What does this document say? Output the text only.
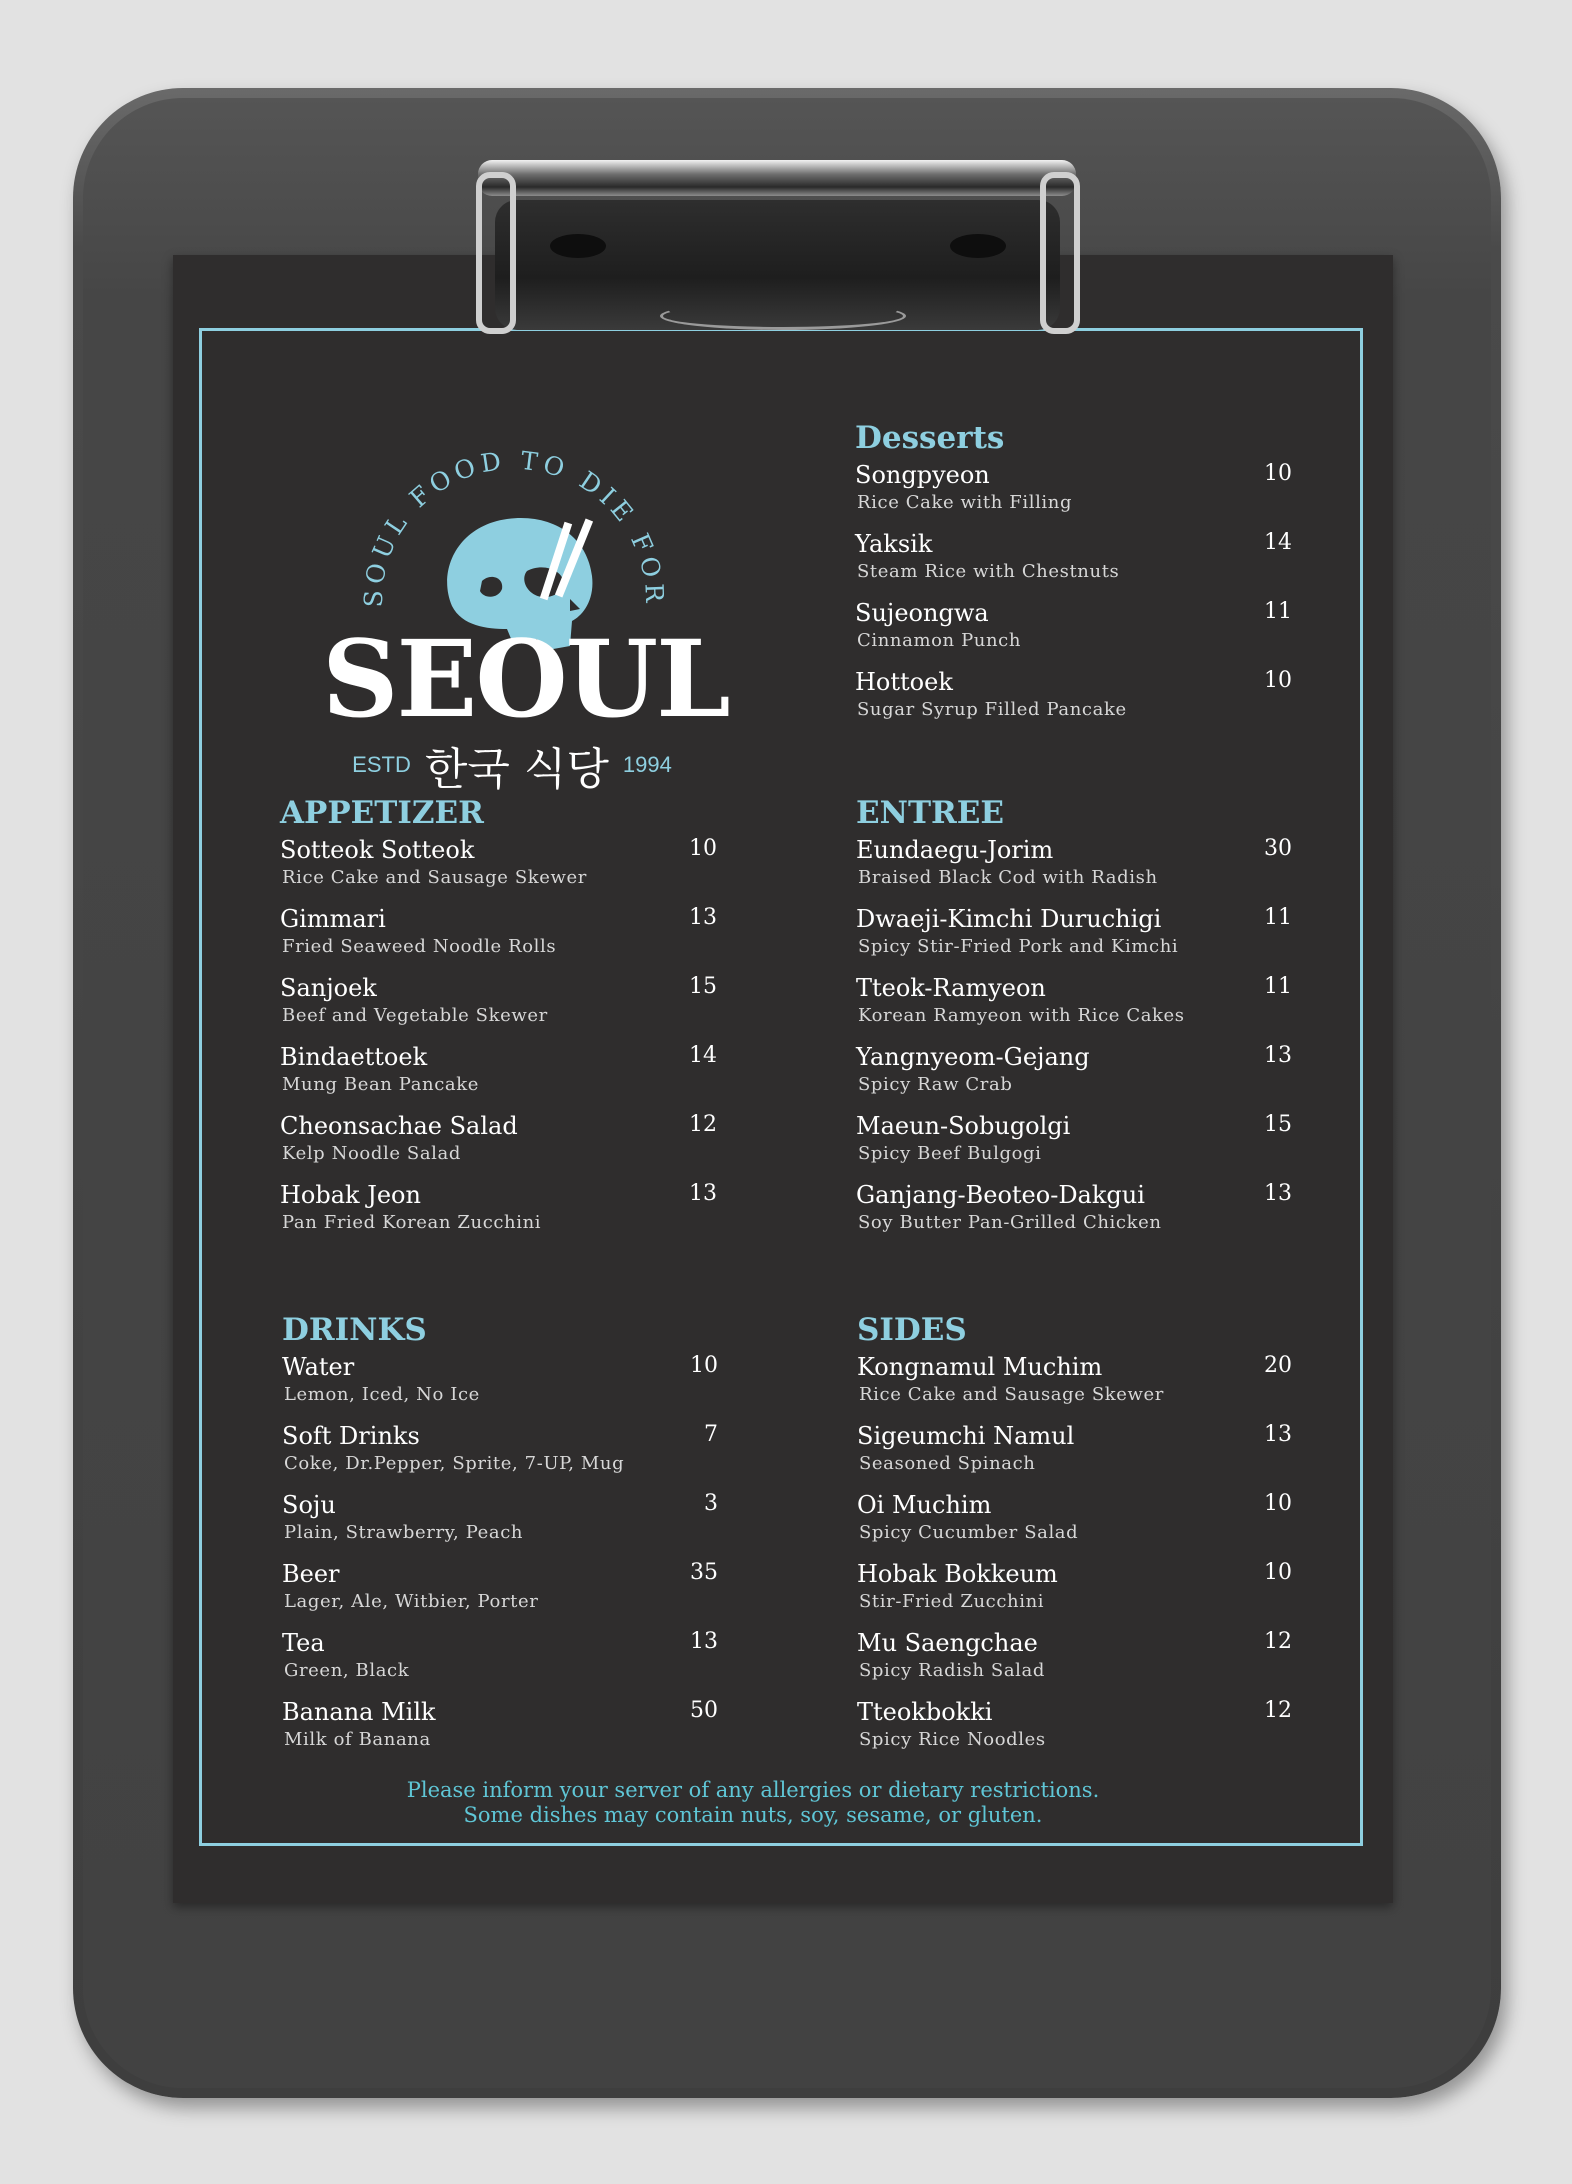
SOUL FOOD TO DIE FOR
SEOUL
ESTD 한국 식당 1994
Desserts
Songpyeon	10
Rice Cake with Filling
Yaksik	14
Steam Rice with Chestnuts
Sujeongwa	11
Cinnamon Punch
Hottoek	10
Sugar Syrup Filled Pancake
APPETIZER
Sotteok Sotteok	10
Rice Cake and Sausage Skewer
Gimmari	13
Fried Seaweed Noodle Rolls
Sanjoek	15
Beef and Vegetable Skewer
Bindaettoek	14
Mung Bean Pancake
Cheonsachae Salad	12
Kelp Noodle Salad
Hobak Jeon	13
Pan Fried Korean Zucchini
ENTREE
Eundaegu-Jorim	30
Braised Black Cod with Radish
Dwaeji-Kimchi Duruchigi	11
Spicy Stir-Fried Pork and Kimchi
Tteok-Ramyeon	11
Korean Ramyeon with Rice Cakes
Yangnyeom-Gejang	13
Spicy Raw Crab
Maeun-Sobugolgi	15
Spicy Beef Bulgogi
Ganjang-Beoteo-Dakgui	13
Soy Butter Pan-Grilled Chicken
DRINKS
Water	10
Lemon, Iced, No Ice
Soft Drinks	7
Coke, Dr.Pepper, Sprite, 7-UP, Mug
Soju	3
Plain, Strawberry, Peach
Beer	35
Lager, Ale, Witbier, Porter
Tea	13
Green, Black
Banana Milk	50
Milk of Banana
SIDES
Kongnamul Muchim	20
Rice Cake and Sausage Skewer
Sigeumchi Namul	13
Seasoned Spinach
Oi Muchim	10
Spicy Cucumber Salad
Hobak Bokkeum	10
Stir-Fried Zucchini
Mu Saengchae	12
Spicy Radish Salad
Tteokbokki	12
Spicy Rice Noodles
Please inform your server of any allergies or dietary restrictions.
Some dishes may contain nuts, soy, sesame, or gluten.
